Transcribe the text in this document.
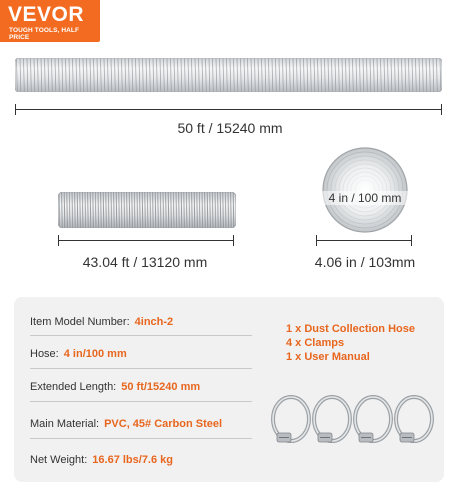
VEVOR
TOUGH TOOLS, HALF PRICE
50 ft / 15240 mm
43.04 ft / 13120 mm
4 in / 100 mm
4.06 in / 103mm
Item Model Number: 4inch-2
Hose: 4 in/100 mm
Extended Length: 50 ft/15240 mm
Main Material: PVC, 45# Carbon Steel
Net Weight: 16.67 lbs/7.6 kg
1 x Dust Collection Hose
4 x Clamps
1 x User Manual
